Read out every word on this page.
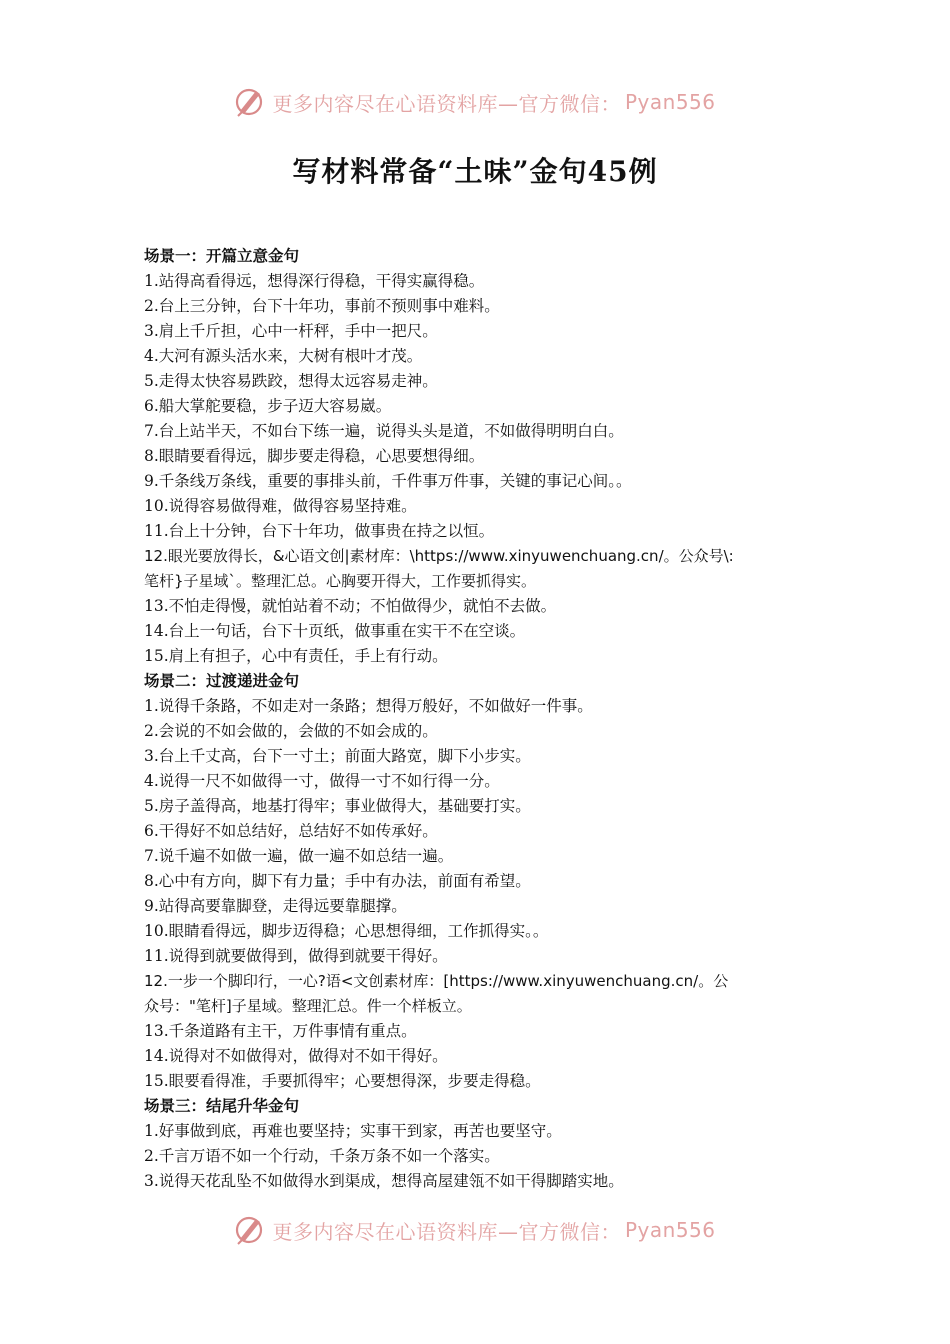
更多内容尽在心语资料库—官方微信： Pyan556
写材料常备“土味”金句45例
场景一：开篇立意金句
1.站得高看得远，想得深行得稳，干得实赢得稳。
2.台上三分钟，台下十年功，事前不预则事中难料。
3.肩上千斤担，心中一杆秤，手中一把尺。
4.大河有源头活水来，大树有根叶才茂。
5.走得太快容易跌跤，想得太远容易走神。
6.船大掌舵要稳，步子迈大容易崴。
7.台上站半天，不如台下练一遍，说得头头是道，不如做得明明白白。
8.眼睛要看得远，脚步要走得稳，心思要想得细。
9.千条线万条线，重要的事排头前，千件事万件事，关键的事记心间。。
10.说得容易做得难，做得容易坚持难。
11.台上十分钟，台下十年功，做事贵在持之以恒。
12.眼光要放得长，&心语文创|素材库：\https://www.xinyuwenchuang.cn/。公众号\:
笔杆}子星域`。整理汇总。心胸要开得大，工作要抓得实。
13.不怕走得慢，就怕站着不动；不怕做得少，就怕不去做。
14.台上一句话，台下十页纸，做事重在实干不在空谈。
15.肩上有担子，心中有责任，手上有行动。
场景二：过渡递进金句
1.说得千条路，不如走对一条路；想得万般好，不如做好一件事。
2.会说的不如会做的，会做的不如会成的。
3.台上千丈高，台下一寸土；前面大路宽，脚下小步实。
4.说得一尺不如做得一寸，做得一寸不如行得一分。
5.房子盖得高，地基打得牢；事业做得大，基础要打实。
6.干得好不如总结好，总结好不如传承好。
7.说千遍不如做一遍，做一遍不如总结一遍。
8.心中有方向，脚下有力量；手中有办法，前面有希望。
9.站得高要靠脚登，走得远要靠腿撑。
10.眼睛看得远，脚步迈得稳；心思想得细，工作抓得实。。
11.说得到就要做得到，做得到就要干得好。
12.一步一个脚印行，一心?语<文创素材库：[https://www.xinyuwenchuang.cn/。公
众号："笔杆]子星域。整理汇总。件一个样板立。
13.千条道路有主干，万件事情有重点。
14.说得对不如做得对，做得对不如干得好。
15.眼要看得准，手要抓得牢；心要想得深，步要走得稳。
场景三：结尾升华金句
1.好事做到底，再难也要坚持；实事干到家，再苦也要坚守。
2.千言万语不如一个行动，千条万条不如一个落实。
3.说得天花乱坠不如做得水到渠成，想得高屋建瓴不如干得脚踏实地。
更多内容尽在心语资料库—官方微信： Pyan556
